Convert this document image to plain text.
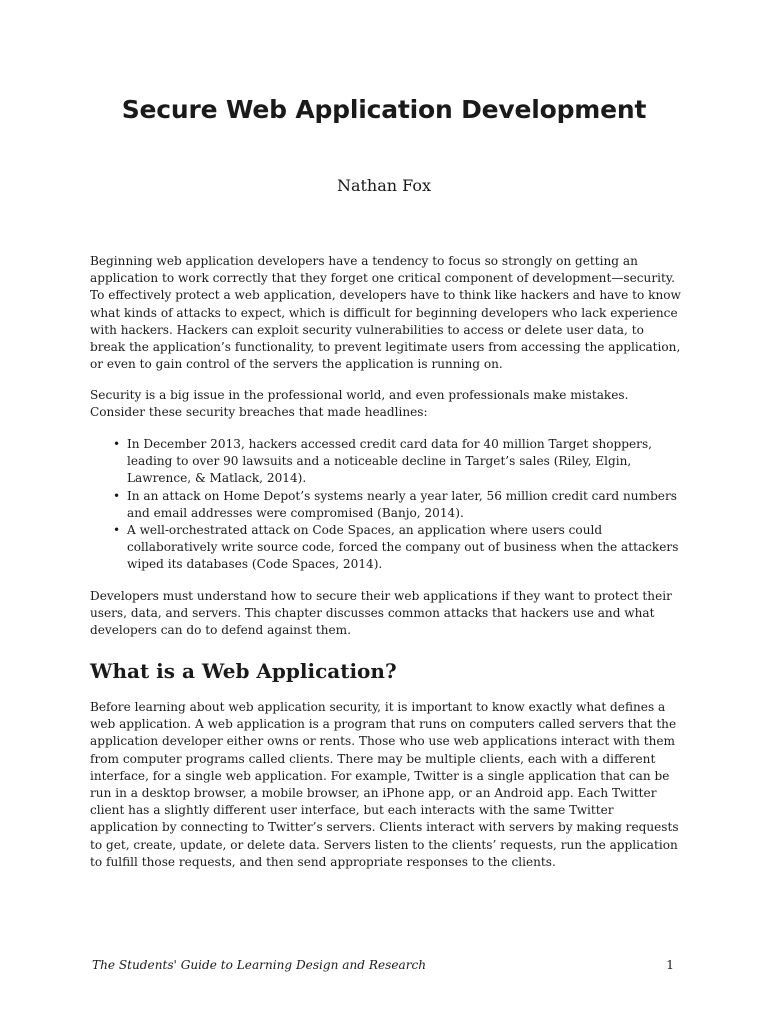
Secure Web Application Development

Nathan Fox

Beginning web application developers have a tendency to focus so strongly on getting an application to work correctly that they forget one critical component of development—security. To effectively protect a web application, developers have to think like hackers and have to know what kinds of attacks to expect, which is difficult for beginning developers who lack experience with hackers. Hackers can exploit security vulnerabilities to access or delete user data, to break the application’s functionality, to prevent legitimate users from accessing the application, or even to gain control of the servers the application is running on.

Security is a big issue in the professional world, and even professionals make mistakes. Consider these security breaches that made headlines:

• In December 2013, hackers accessed credit card data for 40 million Target shoppers, leading to over 90 lawsuits and a noticeable decline in Target’s sales (Riley, Elgin, Lawrence, & Matlack, 2014).
• In an attack on Home Depot’s systems nearly a year later, 56 million credit card numbers and email addresses were compromised (Banjo, 2014).
• A well-orchestrated attack on Code Spaces, an application where users could collaboratively write source code, forced the company out of business when the attackers wiped its databases (Code Spaces, 2014).

Developers must understand how to secure their web applications if they want to protect their users, data, and servers. This chapter discusses common attacks that hackers use and what developers can do to defend against them.

What is a Web Application?

Before learning about web application security, it is important to know exactly what defines a web application. A web application is a program that runs on computers called servers that the application developer either owns or rents. Those who use web applications interact with them from computer programs called clients. There may be multiple clients, each with a different interface, for a single web application. For example, Twitter is a single application that can be run in a desktop browser, a mobile browser, an iPhone app, or an Android app. Each Twitter client has a slightly different user interface, but each interacts with the same Twitter application by connecting to Twitter’s servers. Clients interact with servers by making requests to get, create, update, or delete data. Servers listen to the clients’ requests, run the application to fulfill those requests, and then send appropriate responses to the clients.

The Students' Guide to Learning Design and Research	1
